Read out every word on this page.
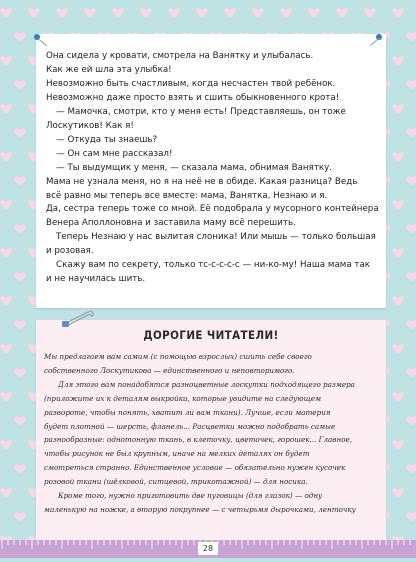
Она сидела у кровати, смотрела на Ванятку и улыбалась.

Как же ей шла эта улыбка!

Невозможно быть счастливым, когда несчастен твой ребёнок.

Невозможно даже просто взять и сшить обыкновенного крота!

— Мамочка, смотри, кто у меня есть! Представляешь, он тоже

Лоскутиков! Как я!

— Откуда ты знаешь?

— Он сам мне рассказал!

— Ты выдумщик у меня, — сказала мама, обнимая Ванятку.

Мама не узнала меня, но я на неё не в обиде. Какая разница? Ведь

всё равно мы теперь все вместе: мама, Ванятка, Незнаю и я.

Да, сестра теперь тоже со мной. Её подобрала у мусорного контейнера

Венера Аполлоновна и заставила маму всё перешить.

Теперь Незнаю у нас вылитая слоника! Или мышь — только большая

и розовая.

Скажу вам по секрету, только тс-с-с-с-с — ни-ко-му! Наша мама так

и не научилась шить.

ДОРОГИЕ ЧИТАТЕЛИ!

Мы предлагаем вам самим (с помощью взрослых) сшить себе своего

собственного Лоскутикова — единственного и неповторимого.

Для этого вам понадобятся разноцветные лоскутки подходящего размера

(приложите их к деталям выкройки, которые увидите на следующем

развороте, чтобы понять, хватит ли вам ткани). Лучше, если материя

будет плотной — шерсть, фланель... Расцветки можно подобрать самые

разнообразные: однотонную ткань, в клеточку, цветочек, горошек... Главное,

чтобы рисунок не был крупным, иначе на мелких деталях он будет

смотреться странно. Единственное условие — обязательно нужен кусочек

розовой ткани (шёлковой, ситцевой, трикотажной) — для носика.

Кроме того, нужно приготовить две пуговицы (для глазок) — одну

маленькую на ножке, а вторую покрупнее — с четырьмя дырочками, ленточку

28
